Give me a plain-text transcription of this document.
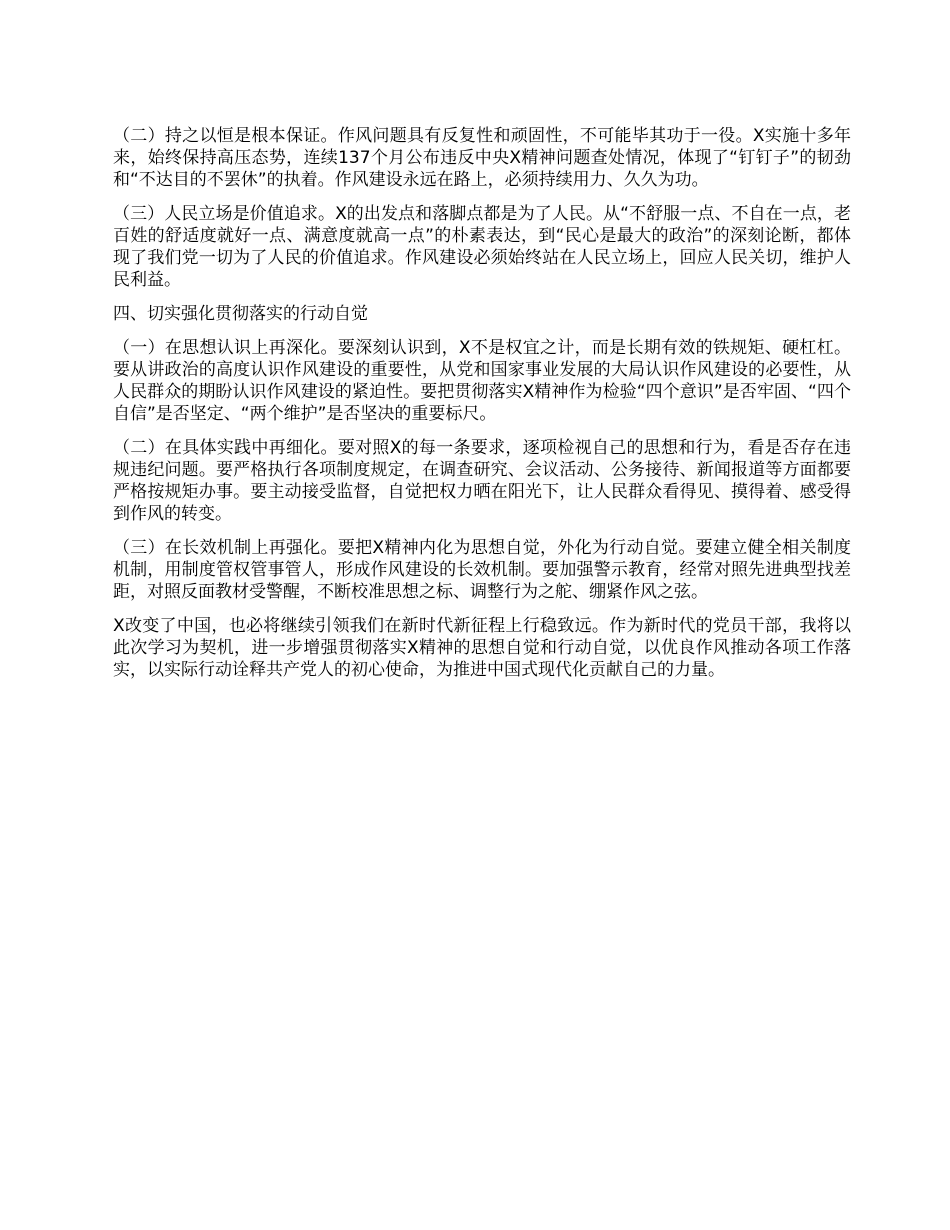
（二）持之以恒是根本保证。作风问题具有反复性和顽固性，不可能毕其功于一役。X实施十多年来，始终保持高压态势，连续137个月公布违反中央X精神问题查处情况，体现了“钉钉子”的韧劲和“不达目的不罢休”的执着。作风建设永远在路上，必须持续用力、久久为功。

（三）人民立场是价值追求。X的出发点和落脚点都是为了人民。从“不舒服一点、不自在一点，老百姓的舒适度就好一点、满意度就高一点”的朴素表达，到“民心是最大的政治”的深刻论断，都体现了我们党一切为了人民的价值追求。作风建设必须始终站在人民立场上，回应人民关切，维护人民利益。

四、切实强化贯彻落实的行动自觉

（一）在思想认识上再深化。要深刻认识到，X不是权宜之计，而是长期有效的铁规矩、硬杠杠。要从讲政治的高度认识作风建设的重要性，从党和国家事业发展的大局认识作风建设的必要性，从人民群众的期盼认识作风建设的紧迫性。要把贯彻落实X精神作为检验“四个意识”是否牢固、“四个自信”是否坚定、“两个维护”是否坚决的重要标尺。

（二）在具体实践中再细化。要对照X的每一条要求，逐项检视自己的思想和行为，看是否存在违规违纪问题。要严格执行各项制度规定，在调查研究、会议活动、公务接待、新闻报道等方面都要严格按规矩办事。要主动接受监督，自觉把权力晒在阳光下，让人民群众看得见、摸得着、感受得到作风的转变。

（三）在长效机制上再强化。要把X精神内化为思想自觉，外化为行动自觉。要建立健全相关制度机制，用制度管权管事管人，形成作风建设的长效机制。要加强警示教育，经常对照先进典型找差距，对照反面教材受警醒，不断校准思想之标、调整行为之舵、绷紧作风之弦。

X改变了中国，也必将继续引领我们在新时代新征程上行稳致远。作为新时代的党员干部，我将以此次学习为契机，进一步增强贯彻落实X精神的思想自觉和行动自觉，以优良作风推动各项工作落实，以实际行动诠释共产党人的初心使命，为推进中国式现代化贡献自己的力量。
